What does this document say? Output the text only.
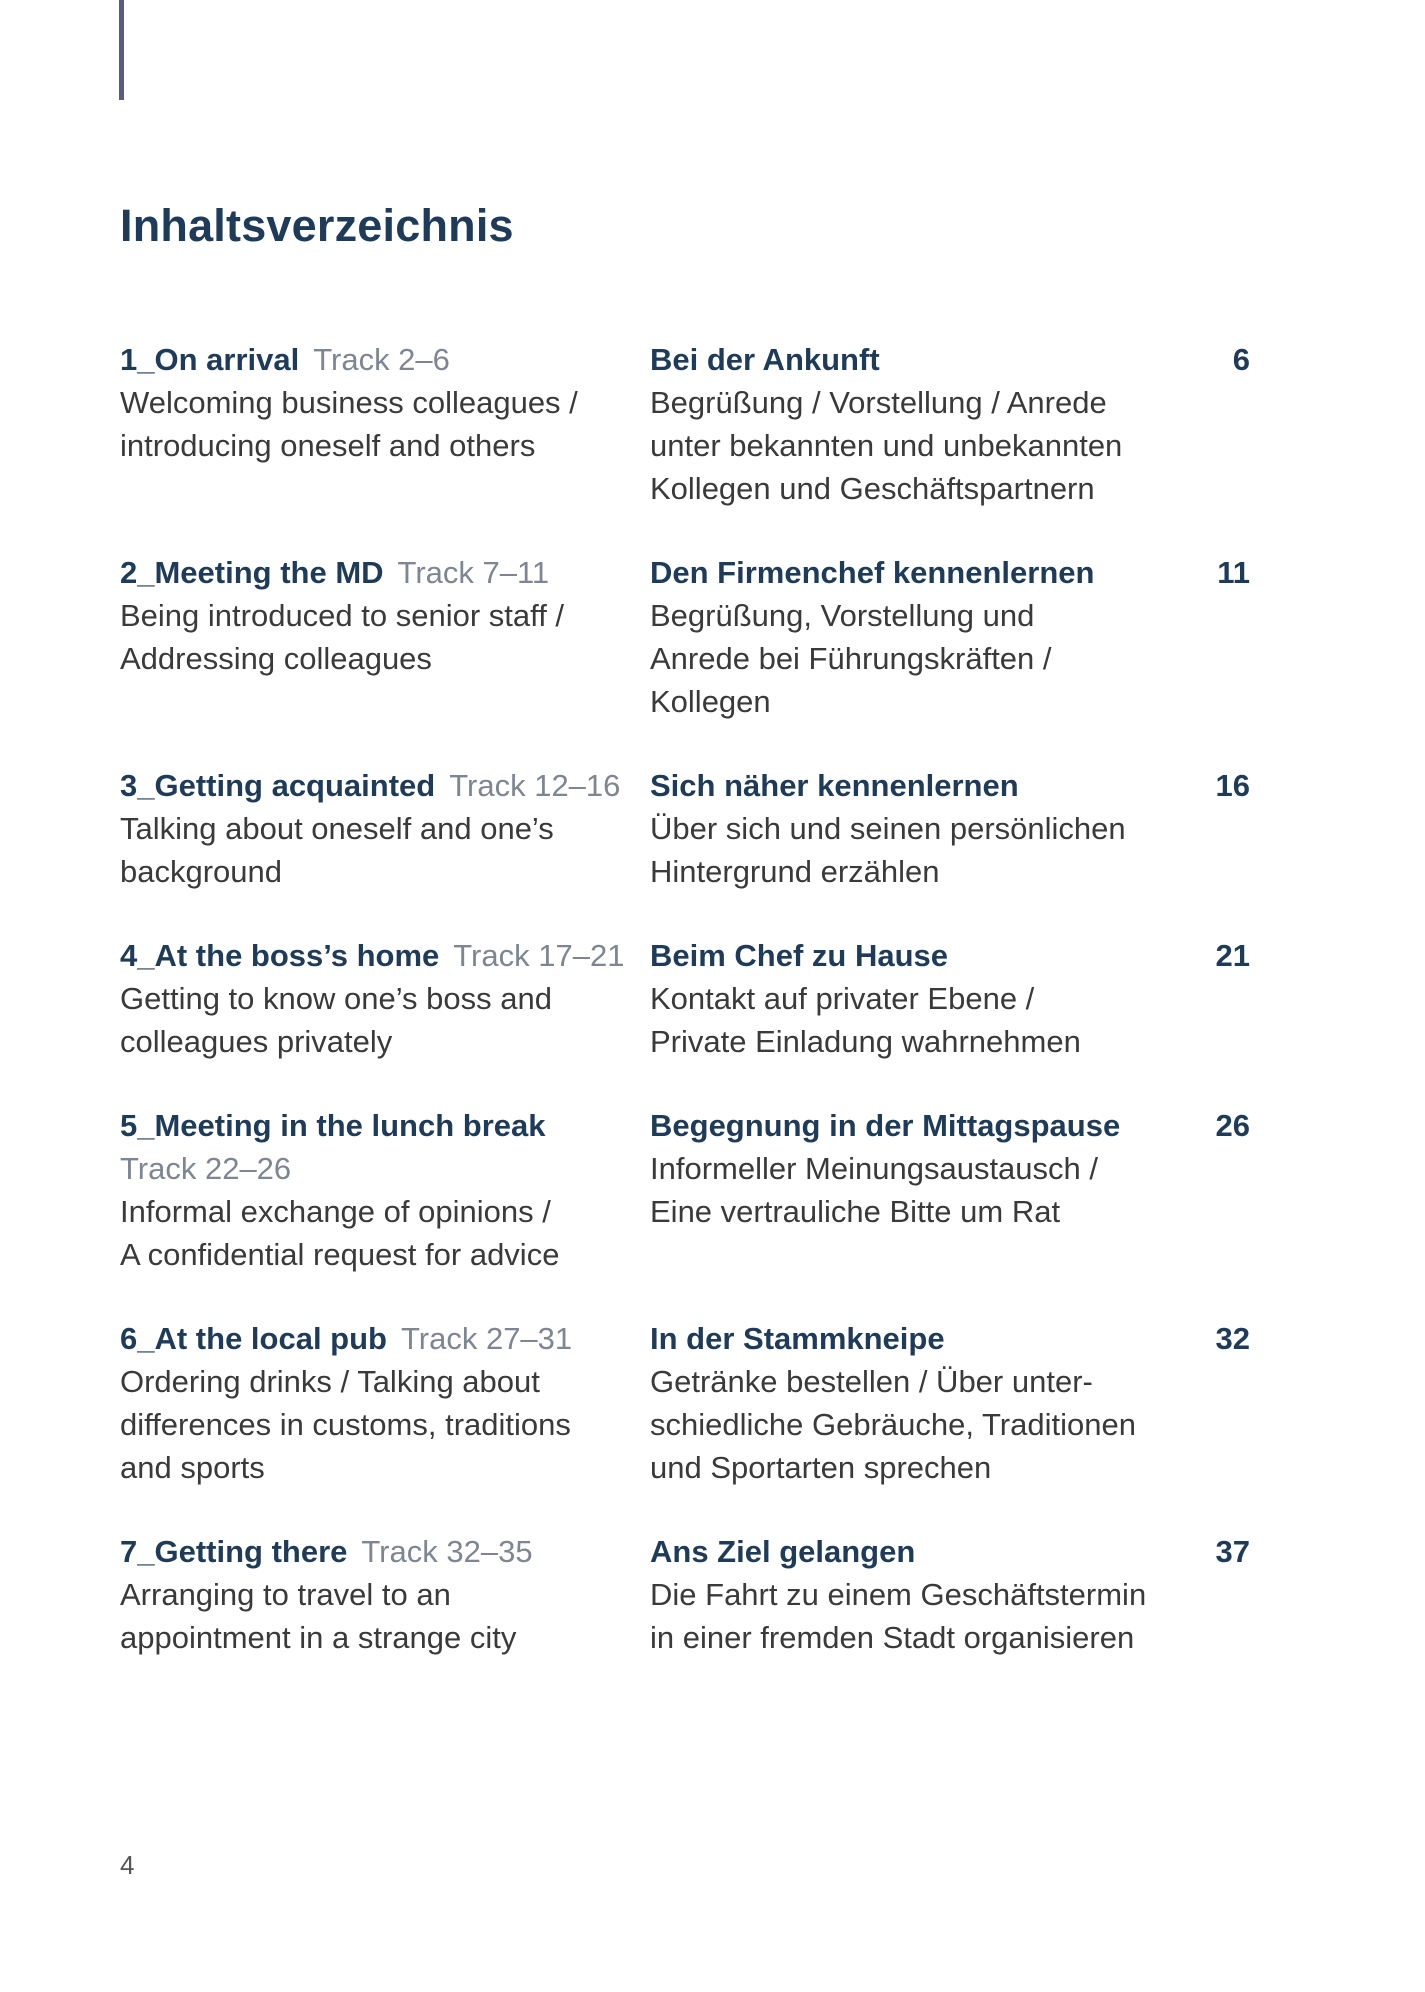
Inhaltsverzeichnis
1_On arrival Track 2–6
Welcoming business colleagues /
introducing oneself and others
Bei der Ankunft
Begrüßung / Vorstellung / Anrede
unter bekannten und unbekannten
Kollegen und Geschäftspartnern
6
2_Meeting the MD Track 7–11
Being introduced to senior staff /
Addressing colleagues
Den Firmenchef kennenlernen
Begrüßung, Vorstellung und
Anrede bei Führungskräften /
Kollegen
11
3_Getting acquainted Track 12–16
Talking about oneself and one’s
background
Sich näher kennenlernen
Über sich und seinen persönlichen
Hintergrund erzählen
16
4_At the boss’s home Track 17–21
Getting to know one’s boss and
colleagues privately
Beim Chef zu Hause
Kontakt auf privater Ebene /
Private Einladung wahrnehmen
21
5_Meeting in the lunch break
Track 22–26
Informal exchange of opinions /
A confidential request for advice
Begegnung in der Mittagspause
Informeller Meinungsaustausch /
Eine vertrauliche Bitte um Rat
26
6_At the local pub Track 27–31
Ordering drinks / Talking about
differences in customs, traditions
and sports
In der Stammkneipe
Getränke bestellen / Über unter-
schiedliche Gebräuche, Traditionen
und Sportarten sprechen
32
7_Getting there Track 32–35
Arranging to travel to an
appointment in a strange city
Ans Ziel gelangen
Die Fahrt zu einem Geschäftstermin
in einer fremden Stadt organisieren
37
4
